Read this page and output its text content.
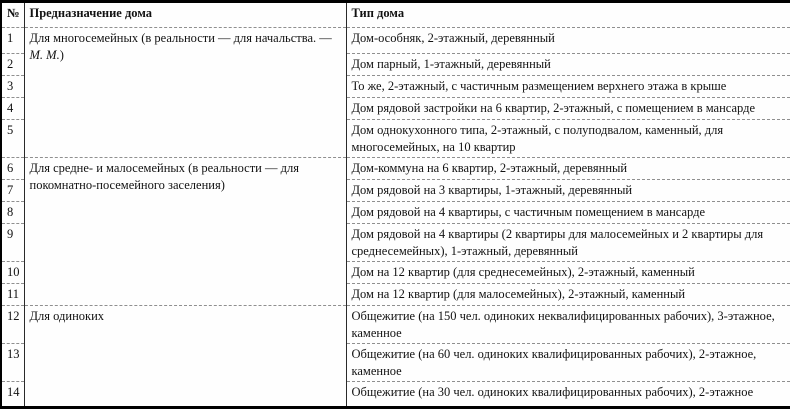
№	Предназначение дома	Тип дома
1	Для многосемейных (в реальности — для начальства. — М. М.)	Дом-особняк, 2-этажный, деревянный
2		Дом парный, 1-этажный, деревянный
3		То же, 2-этажный, с частичным размещением верхнего этажа в крыше
4		Дом рядовой застройки на 6 квартир, 2-этажный, с помещением в мансарде
5		Дом однокухонного типа, 2-этажный, с полуподвалом, каменный, для многосемейных, на 10 квартир
6	Для средне- и малосемейных (в реальности — для покомнатно-посемейного заселения)	Дом-коммуна на 6 квартир, 2-этажный, деревянный
7		Дом рядовой на 3 квартиры, 1-этажный, деревянный
8		Дом рядовой на 4 квартиры, с частичным помещением в мансарде
9		Дом рядовой на 4 квартиры (2 квартиры для малосемейных и 2 квартиры для среднесемейных), 1-этажный, деревянный
10		Дом на 12 квартир (для среднесемейных), 2-этажный, каменный
11		Дом на 12 квартир (для малосемейных), 2-этажный, каменный
12	Для одиноких	Общежитие (на 150 чел. одиноких неквалифицированных рабочих), 3-этажное, каменное
13		Общежитие (на 60 чел. одиноких квалифицированных рабочих), 2-этажное, каменное
14		Общежитие (на 30 чел. одиноких квалифицированных рабочих), 2-этажное
